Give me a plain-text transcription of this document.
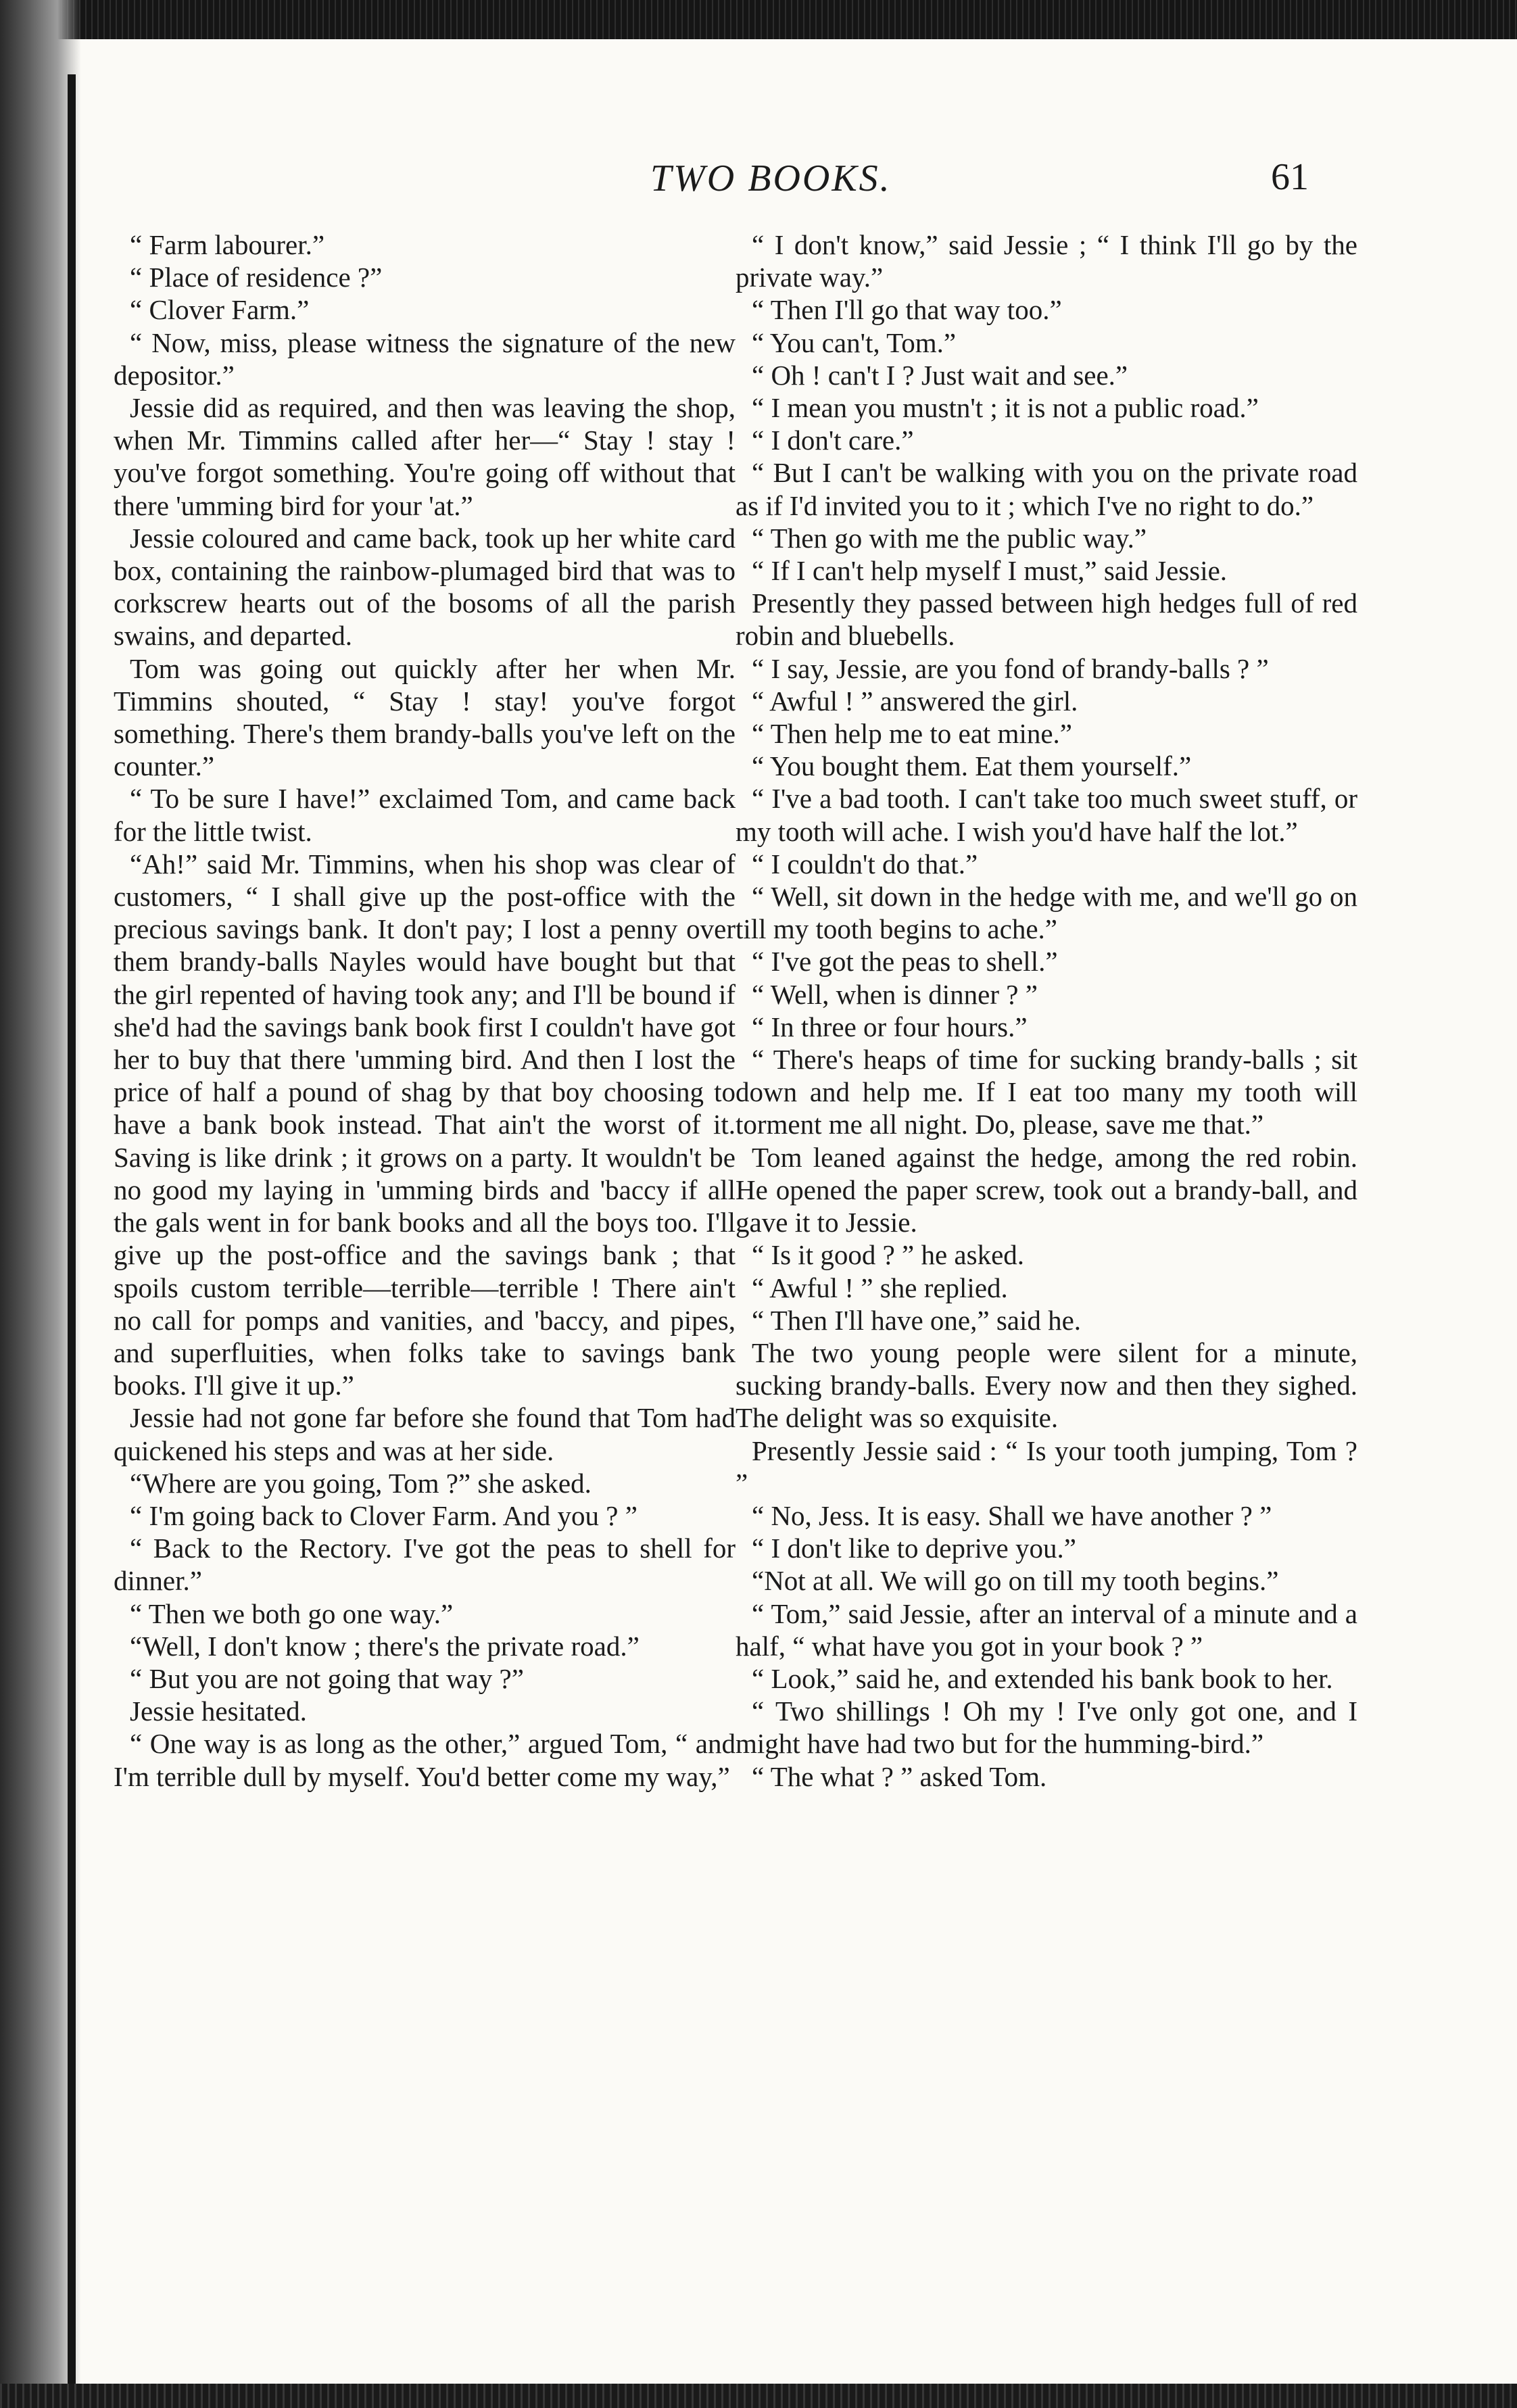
TWO BOOKS.	61

“ Farm labourer.”

“ Place of residence ?”

“ Clover Farm.”

“ Now, miss, please witness the signature of the new depositor.”

Jessie did as required, and then was leaving the shop, when Mr. Timmins called after her—“ Stay ! stay ! you've forgot something. You're going off without that there 'umming bird for your 'at.”

Jessie coloured and came back, took up her white card box, containing the rainbow-plumaged bird that was to corkscrew hearts out of the bosoms of all the parish swains, and departed.

Tom was going out quickly after her when Mr. Timmins shouted, “ Stay ! stay! you've forgot something. There's them brandy-balls you've left on the counter.”

“ To be sure I have!” exclaimed Tom, and came back for the little twist.

“Ah!” said Mr. Timmins, when his shop was clear of customers, “ I shall give up the post-office with the precious savings bank. It don't pay; I lost a penny over them brandy-balls Nayles would have bought but that the girl repented of having took any; and I'll be bound if she'd had the savings bank book first I couldn't have got her to buy that there 'umming bird. And then I lost the price of half a pound of shag by that boy choosing to have a bank book instead. That ain't the worst of it. Saving is like drink ; it grows on a party. It wouldn't be no good my laying in 'umming birds and 'baccy if all the gals went in for bank books and all the boys too. I'll give up the post-office and the savings bank ; that spoils custom terrible—terrible—terrible ! There ain't no call for pomps and vanities, and 'baccy, and pipes, and superfluities, when folks take to savings bank books. I'll give it up.”

Jessie had not gone far before she found that Tom had quickened his steps and was at her side.

“Where are you going, Tom ?” she asked.

“ I'm going back to Clover Farm. And you ? ”

“ Back to the Rectory. I've got the peas to shell for dinner.”

“ Then we both go one way.”

“Well, I don't know ; there's the private road.”

“ But you are not going that way ?”

Jessie hesitated.

“ One way is as long as the other,” argued Tom, “ and I'm terrible dull by myself. You'd better come my way,”

“ I don't know,” said Jessie ; “ I think I'll go by the private way.”

“ Then I'll go that way too.”

“ You can't, Tom.”

“ Oh ! can't I ? Just wait and see.”

“ I mean you mustn't ; it is not a public road.”

“ I don't care.”

“ But I can't be walking with you on the private road as if I'd invited you to it ; which I've no right to do.”

“ Then go with me the public way.”

“ If I can't help myself I must,” said Jessie.

Presently they passed between high hedges full of red robin and bluebells.

“ I say, Jessie, are you fond of brandy-balls ? ”

“ Awful ! ” answered the girl.

“ Then help me to eat mine.”

“ You bought them. Eat them yourself.”

“ I've a bad tooth. I can't take too much sweet stuff, or my tooth will ache. I wish you'd have half the lot.”

“ I couldn't do that.”

“ Well, sit down in the hedge with me, and we'll go on till my tooth begins to ache.”

“ I've got the peas to shell.”

“ Well, when is dinner ? ”

“ In three or four hours.”

“ There's heaps of time for sucking brandy-balls ; sit down and help me. If I eat too many my tooth will torment me all night. Do, please, save me that.”

Tom leaned against the hedge, among the red robin. He opened the paper screw, took out a brandy-ball, and gave it to Jessie.

“ Is it good ? ” he asked.

“ Awful ! ” she replied.

“ Then I'll have one,” said he.

The two young people were silent for a minute, sucking brandy-balls. Every now and then they sighed. The delight was so exquisite.

Presently Jessie said : “ Is your tooth jumping, Tom ? ”

“ No, Jess. It is easy. Shall we have another ? ”

“ I don't like to deprive you.”

“Not at all. We will go on till my tooth begins.”

“ Tom,” said Jessie, after an interval of a minute and a half, “ what have you got in your book ? ”

“ Look,” said he, and extended his bank book to her.

“ Two shillings ! Oh my ! I've only got one, and I might have had two but for the humming-bird.”

“ The what ? ” asked Tom.
